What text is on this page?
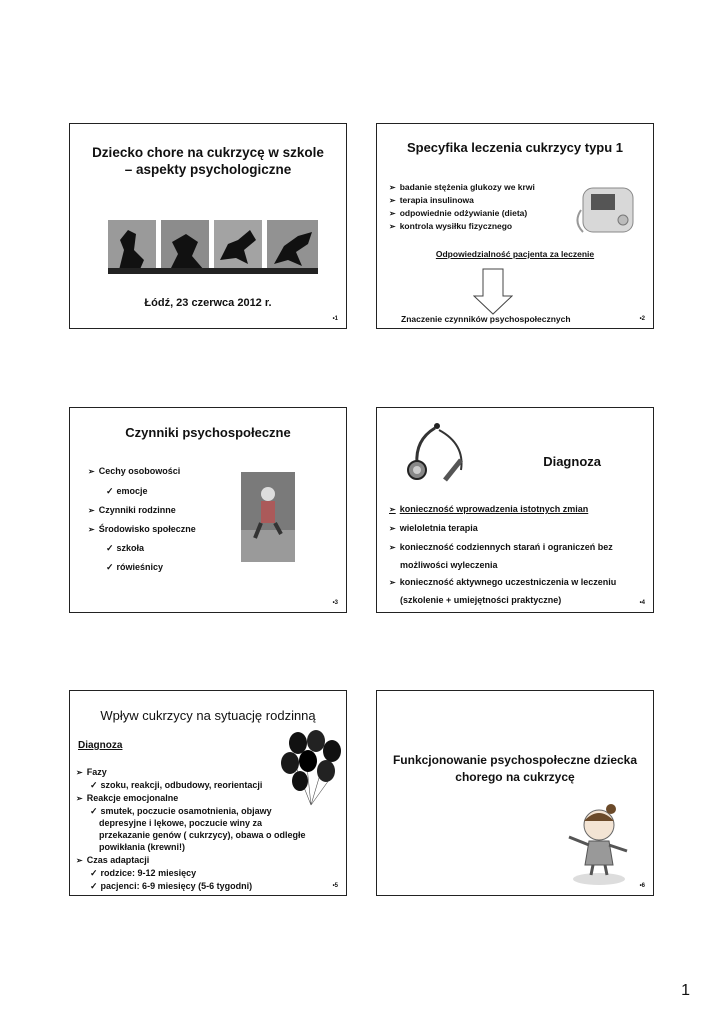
Dziecko chore na cukrzycę w szkole – aspekty psychologiczne
Łódź, 23 czerwca 2012 r.
•1
Specyfika leczenia cukrzycy typu 1
➢ badanie stężenia glukozy we krwi
➢ terapia insulinowa
➢ odpowiednie odżywianie (dieta)
➢ kontrola wysiłku fizycznego
Odpowiedzialność pacjenta za leczenie
Znaczenie czynników psychospołecznych	•2
Czynniki psychospołeczne
➢ Cechy osobowości
✓ emocje
➢ Czynniki rodzinne
➢ Środowisko społeczne
✓ szkoła
✓ rówieśnicy
•3
Diagnoza
➢ konieczność wprowadzenia istotnych zmian
➢ wieloletnia terapia
➢ konieczność codziennych starań i ograniczeń bez
możliwości wyleczenia
➢ konieczność aktywnego uczestniczenia w leczeniu
(szkolenie + umiejętności praktyczne)	•4
Wpływ cukrzycy na sytuację rodzinną
Diagnoza
➢ Fazy
✓ szoku, reakcji, odbudowy, reorientacji
➢ Reakcje emocjonalne
✓ smutek, poczucie osamotnienia, objawy
depresyjne i lękowe, poczucie winy za
przekazanie genów ( cukrzycy), obawa o odległe
powikłania (krewni!)
➢ Czas adaptacji
✓ rodzice: 9-12 miesięcy
✓ pacjenci: 6-9 miesięcy (5-6 tygodni)	•5
Funkcjonowanie psychospołeczne dziecka chorego na cukrzycę
•6
1
